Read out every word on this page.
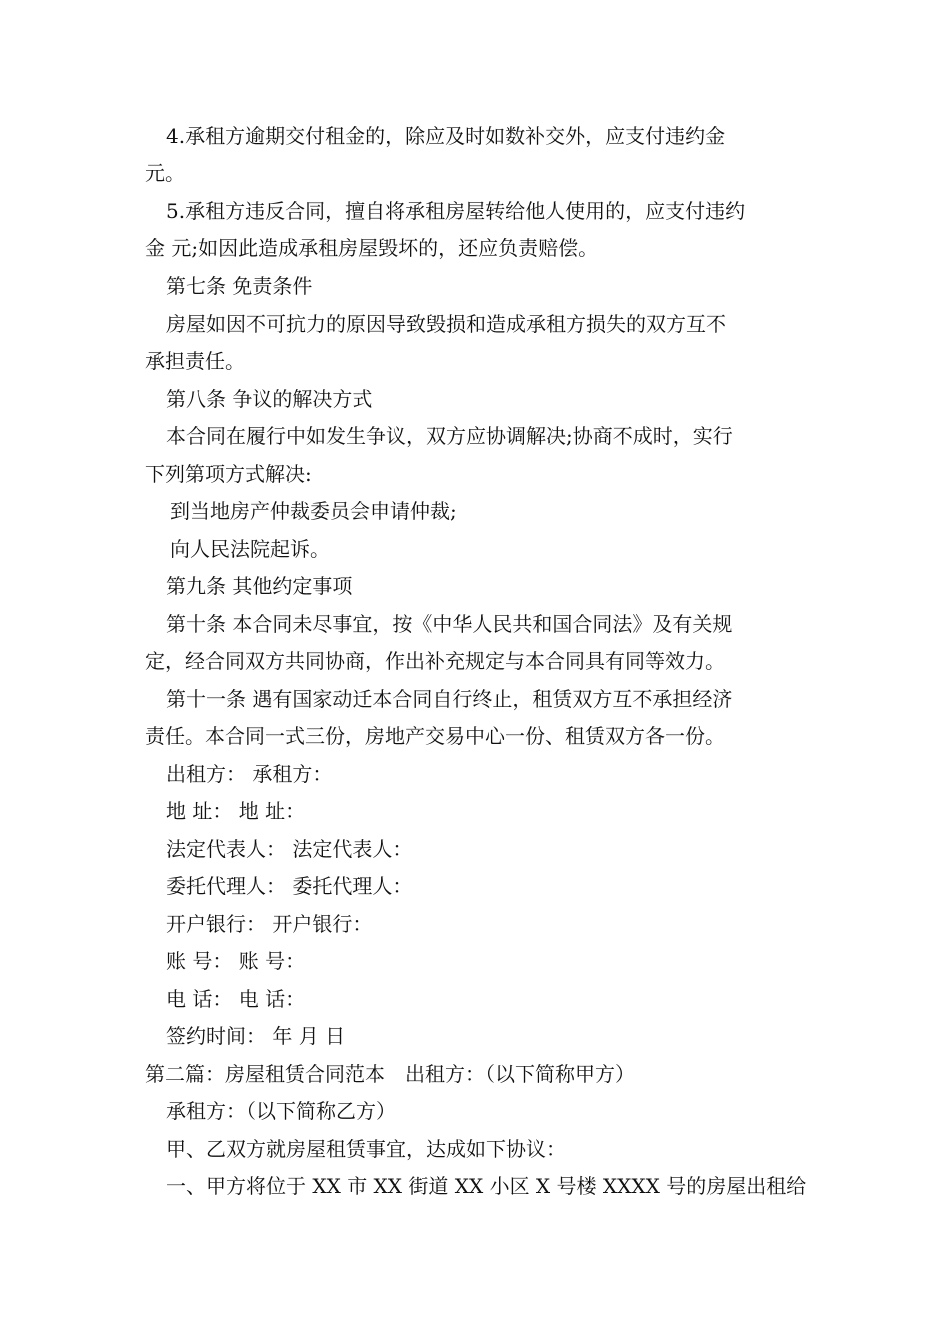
4.承租方逾期交付租金的，除应及时如数补交外，应支付违约金
元。
5.承租方违反合同，擅自将承租房屋转给他人使用的，应支付违约
金 元;如因此造成承租房屋毁坏的，还应负责赔偿。
第七条 免责条件
房屋如因不可抗力的原因导致毁损和造成承租方损失的双方互不
承担责任。
第八条 争议的解决方式
本合同在履行中如发生争议，双方应协调解决;协商不成时，实行
下列第项方式解决:
到当地房产仲裁委员会申请仲裁;
向人民法院起诉。
第九条 其他约定事项
第十条 本合同未尽事宜，按《中华人民共和国合同法》及有关规
定，经合同双方共同协商，作出补充规定与本合同具有同等效力。
第十一条 遇有国家动迁本合同自行终止，租赁双方互不承担经济
责任。本合同一式三份，房地产交易中心一份、租赁双方各一份。
出租方： 承租方：
地 址： 地 址：
法定代表人： 法定代表人：
委托代理人： 委托代理人：
开户银行： 开户银行：
账 号： 账 号：
电 话： 电 话：
签约时间： 年 月 日
第二篇：房屋租赁合同范本　出租方：（以下简称甲方）
承租方：（以下简称乙方）
甲、乙双方就房屋租赁事宜，达成如下协议：
一、甲方将位于 XX 市 XX 街道 XX 小区 X 号楼 XXXX 号的房屋出租给
